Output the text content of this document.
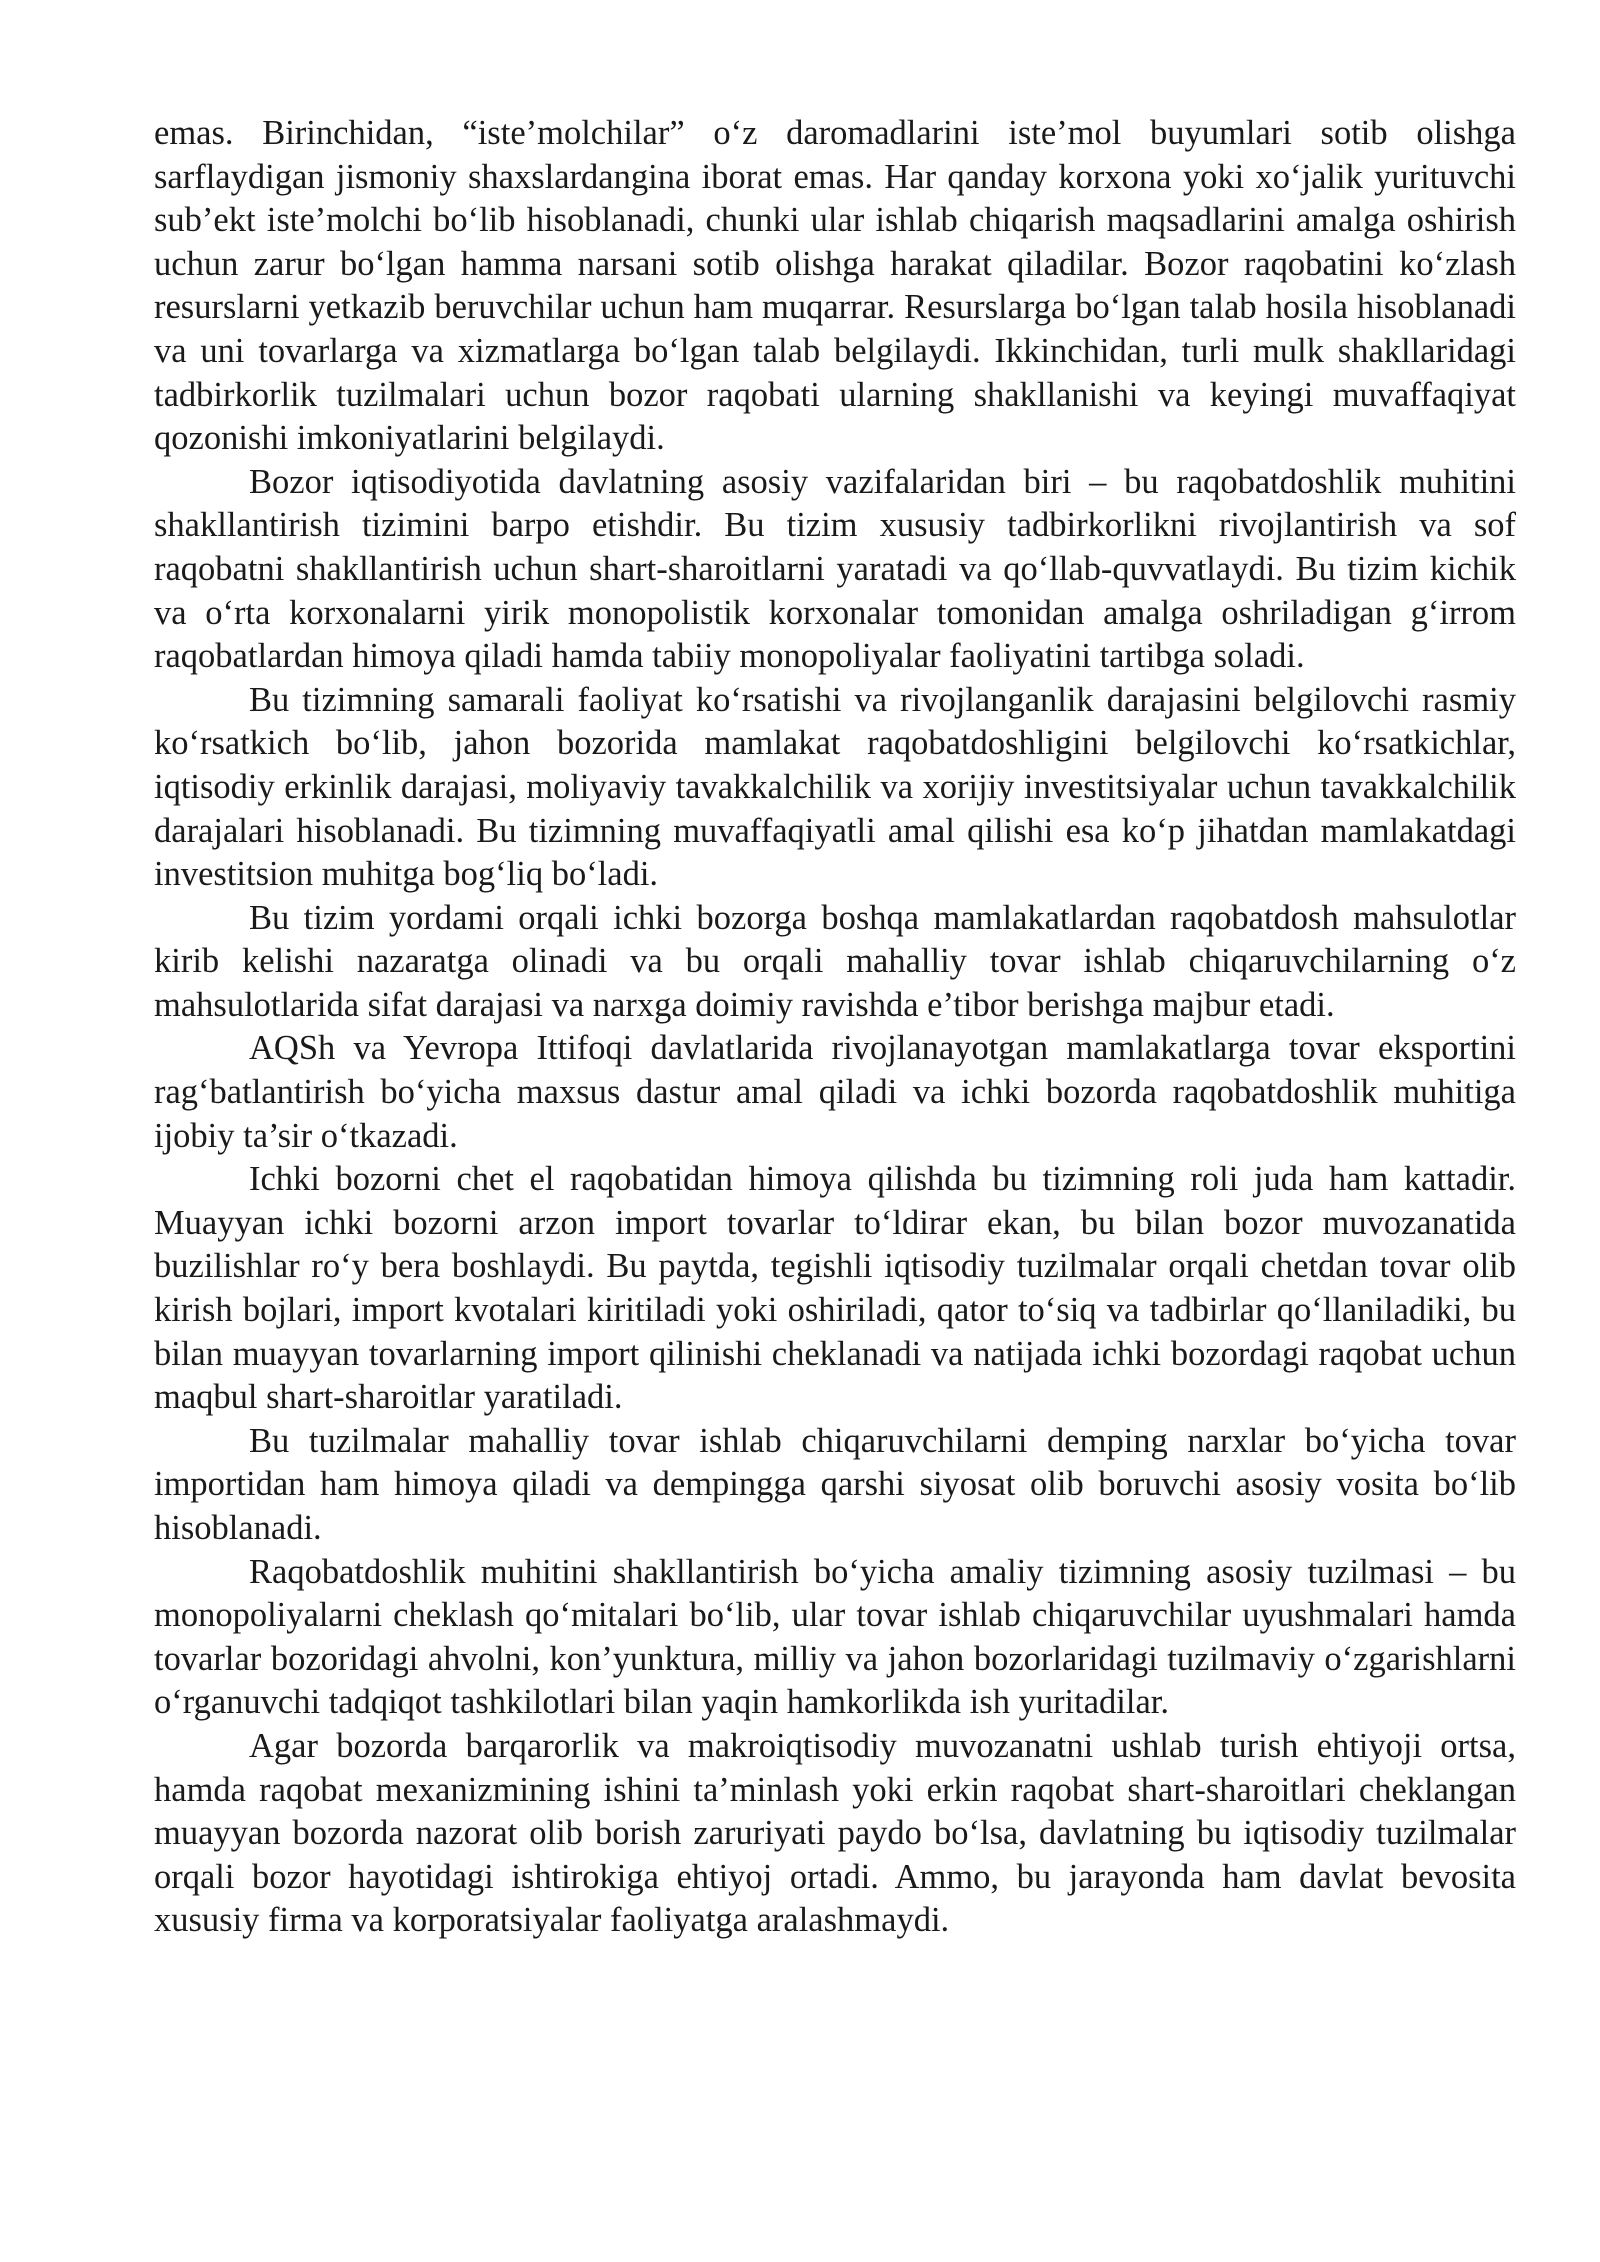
emas. Birinchidan, “iste’molchilar” o‘z daromadlarini iste’mol buyumlari sotib olishga sarflaydigan jismoniy shaxslardangina iborat emas. Har qanday korxona yoki xo‘jalik yurituvchi sub’ekt iste’molchi bo‘lib hisoblanadi, chunki ular ishlab chiqarish maqsadlarini amalga oshirish uchun zarur bo‘lgan hamma narsani sotib olishga harakat qiladilar. Bozor raqobatini ko‘zlash resurslarni yetkazib beruvchilar uchun ham muqarrar. Resurslarga bo‘lgan talab hosila hisoblanadi va uni tovarlarga va xizmatlarga bo‘lgan talab belgilaydi. Ikkinchidan, turli mulk shakllaridagi tadbirkorlik tuzilmalari uchun bozor raqobati ularning shakllanishi va keyingi muvaffaqiyat qozonishi imkoniyatlarini belgilaydi.

Bozor iqtisodiyotida davlatning asosiy vazifalaridan biri – bu raqobatdoshlik muhitini shakllantirish tizimini barpo etishdir. Bu tizim xususiy tadbirkorlikni rivojlantirish va sof raqobatni shakllantirish uchun shart-sharoitlarni yaratadi va qo‘llab-quvvatlaydi. Bu tizim kichik va o‘rta korxonalarni yirik monopolistik korxonalar tomonidan amalga oshriladigan g‘irrom raqobatlardan himoya qiladi hamda tabiiy monopoliyalar faoliyatini tartibga soladi.

Bu tizimning samarali faoliyat ko‘rsatishi va rivojlanganlik darajasini belgilovchi rasmiy ko‘rsatkich bo‘lib, jahon bozorida mamlakat raqobatdoshligini belgilovchi ko‘rsatkichlar, iqtisodiy erkinlik darajasi, moliyaviy tavakkalchilik va xorijiy investitsiyalar uchun tavakkalchilik darajalari hisoblanadi. Bu tizimning muvaffaqiyatli amal qilishi esa ko‘p jihatdan mamlakatdagi investitsion muhitga bog‘liq bo‘ladi.

Bu tizim yordami orqali ichki bozorga boshqa mamlakatlardan raqobatdosh mahsulotlar kirib kelishi nazaratga olinadi va bu orqali mahalliy tovar ishlab chiqaruvchilarning o‘z mahsulotlarida sifat darajasi va narxga doimiy ravishda e’tibor berishga majbur etadi.

AQSh va Yevropa Ittifoqi davlatlarida rivojlanayotgan mamlakatlarga tovar eksportini rag‘batlantirish bo‘yicha maxsus dastur amal qiladi va ichki bozorda raqobatdoshlik muhitiga ijobiy ta’sir o‘tkazadi.

Ichki bozorni chet el raqobatidan himoya qilishda bu tizimning roli juda ham kattadir. Muayyan ichki bozorni arzon import tovarlar to‘ldirar ekan, bu bilan bozor muvozanatida buzilishlar ro‘y bera boshlaydi. Bu paytda, tegishli iqtisodiy tuzilmalar orqali chetdan tovar olib kirish bojlari, import kvotalari kiritiladi yoki oshiriladi, qator to‘siq va tadbirlar qo‘llaniladiki, bu bilan muayyan tovarlarning import qilinishi cheklanadi va natijada ichki bozordagi raqobat uchun maqbul shart-sharoitlar yaratiladi.

Bu tuzilmalar mahalliy tovar ishlab chiqaruvchilarni demping narxlar bo‘yicha tovar importidan ham himoya qiladi va dempingga qarshi siyosat olib boruvchi asosiy vosita bo‘lib hisoblanadi.

Raqobatdoshlik muhitini shakllantirish bo‘yicha amaliy tizimning asosiy tuzilmasi – bu monopoliyalarni cheklash qo‘mitalari bo‘lib, ular tovar ishlab chiqaruvchilar uyushmalari hamda tovarlar bozoridagi ahvolni, kon’yunktura, milliy va jahon bozorlaridagi tuzilmaviy o‘zgarishlarni o‘rganuvchi tadqiqot tashkilotlari bilan yaqin hamkorlikda ish yuritadilar.

Agar bozorda barqarorlik va makroiqtisodiy muvozanatni ushlab turish ehtiyoji ortsa, hamda raqobat mexanizmining ishini ta’minlash yoki erkin raqobat shart-sharoitlari cheklangan muayyan bozorda nazorat olib borish zaruriyati paydo bo‘lsa, davlatning bu iqtisodiy tuzilmalar orqali bozor hayotidagi ishtirokiga ehtiyoj ortadi. Ammo, bu jarayonda ham davlat bevosita xususiy firma va korporatsiyalar faoliyatga aralashmaydi.
